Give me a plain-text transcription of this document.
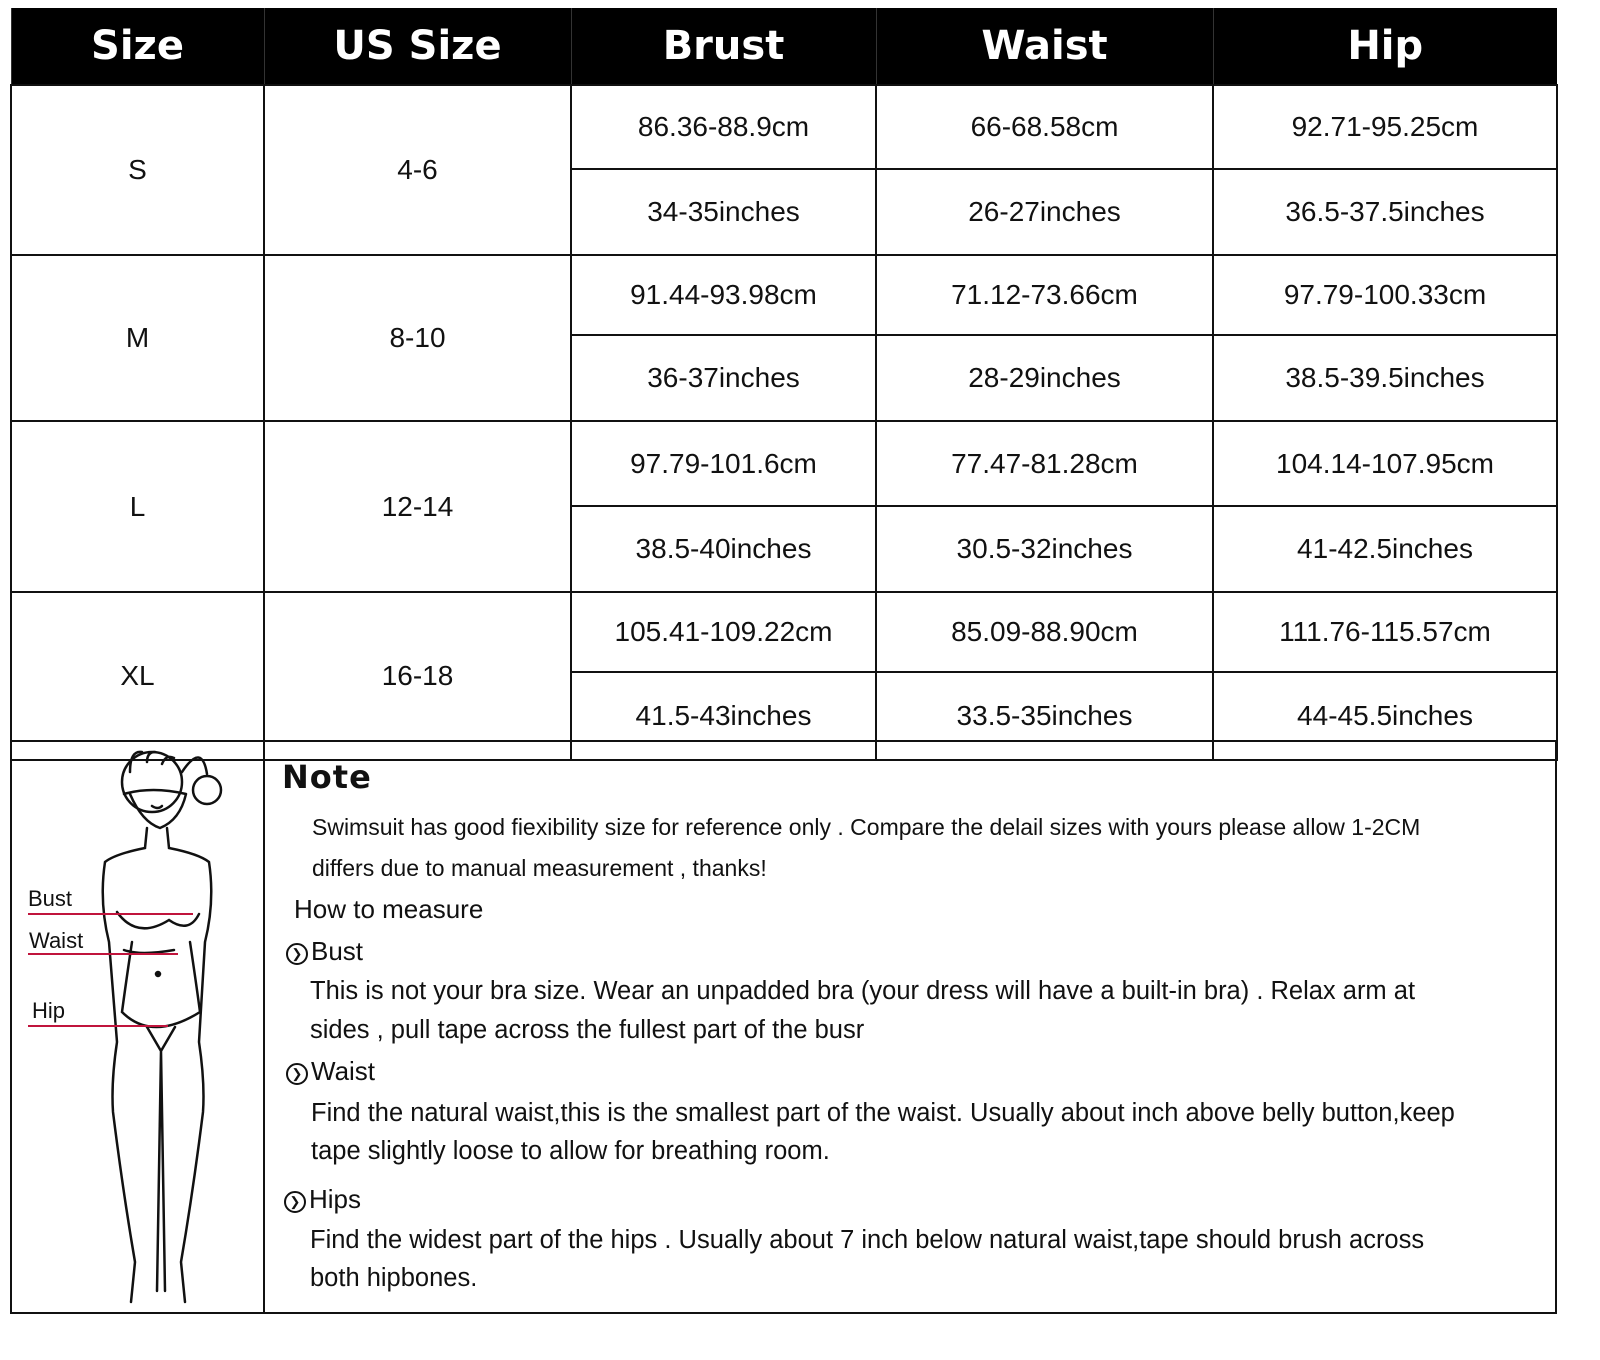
Size	US Size	Brust	Waist	Hip
S	4-6	86.36-88.9cm	66-68.58cm	92.71-95.25cm
		34-35inches	26-27inches	36.5-37.5inches
M	8-10	91.44-93.98cm	71.12-73.66cm	97.79-100.33cm
		36-37inches	28-29inches	38.5-39.5inches
L	12-14	97.79-101.6cm	77.47-81.28cm	104.14-107.95cm
		38.5-40inches	30.5-32inches	41-42.5inches
XL	16-18	105.41-109.22cm	85.09-88.90cm	111.76-115.57cm
		41.5-43inches	33.5-35inches	44-45.5inches
Bust
Waist
Hip
Note
Swimsuit has good fiexibility size for reference only . Compare the delail sizes with yours please allow 1-2CM
differs due to manual measurement , thanks!
How to measure
❯ Bust
This is not your bra size. Wear an unpadded bra (your dress will have a built-in bra) . Relax arm at
sides , pull tape across the fullest part of the busr
❯ Waist
Find the natural waist,this is the smallest part of the waist. Usually about inch above belly button,keep
tape slightly loose to allow for breathing room.
❯ Hips
Find the widest part of the hips . Usually about 7 inch below natural waist,tape should brush across
both hipbones.
